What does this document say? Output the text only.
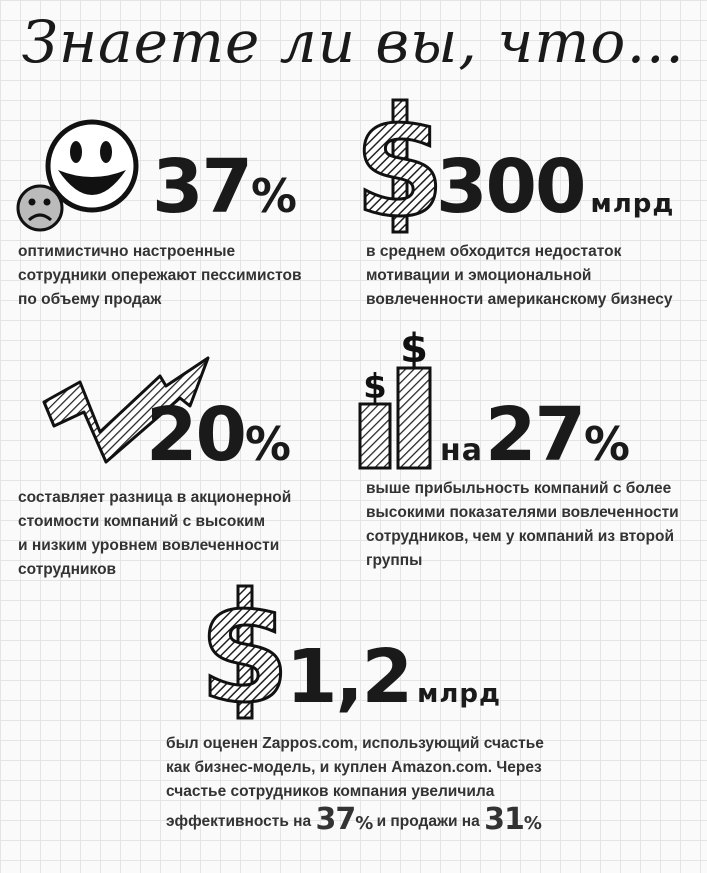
Знаете ли вы, что…
37%
оптимистично настроенные
сотрудники опережают пессимистов
по объему продаж
S
300 млрд
в среднем обходится недостаток
мотивации и эмоциональной
вовлеченности американскому бизнесу
20%
составляет разница в акционерной
стоимости компаний с высоким
и низким уровнем вовлеченности
сотрудников
$
$
на27%
выше прибыльность компаний с более
высокими показателями вовлеченности
сотрудников, чем у компаний из второй
группы
S
1,2 млрд
был оценен Zappos.com, использующий счастье
как бизнес-модель, и куплен Amazon.com. Через
счастье сотрудников компания увеличила
эффективность на 37% и продажи на 31%
